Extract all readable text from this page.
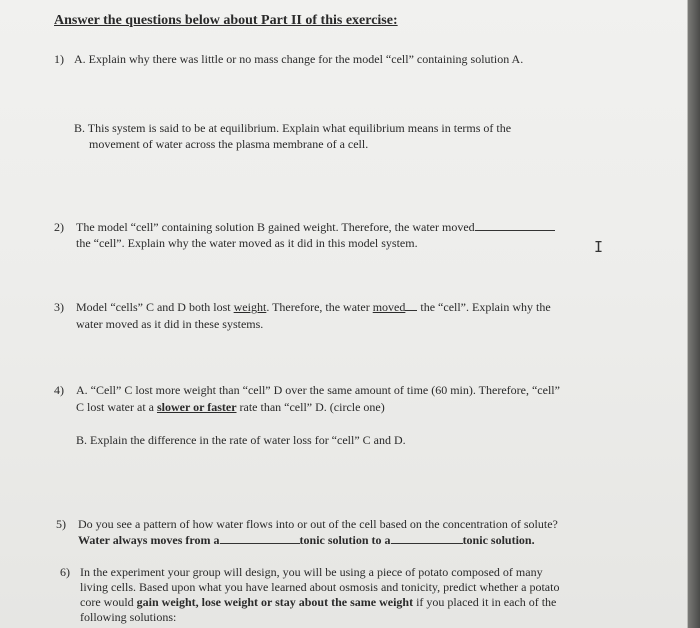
Answer the questions below about Part II of this exercise:
1) A. Explain why there was little or no mass change for the model “cell” containing solution A.
B. This system is said to be at equilibrium. Explain what equilibrium means in terms of the
movement of water across the plasma membrane of a cell.
2) The model “cell” containing solution B gained weight. Therefore, the water moved
the “cell”. Explain why the water moved as it did in this model system.	I
3) Model “cells” C and D both lost weight. Therefore, the water moved the “cell”. Explain why the
water moved as it did in these systems.
4) A. “Cell” C lost more weight than “cell” D over the same amount of time (60 min). Therefore, “cell”
C lost water at a slower or faster rate than “cell” D. (circle one)
B. Explain the difference in the rate of water loss for “cell” C and D.
5) Do you see a pattern of how water flows into or out of the cell based on the concentration of solute?
Water always moves from a	tonic solution to a	tonic solution.
6) In the experiment your group will design, you will be using a piece of potato composed of many
living cells. Based upon what you have learned about osmosis and tonicity, predict whether a potato
core would gain weight, lose weight or stay about the same weight if you placed it in each of the
following solutions:
